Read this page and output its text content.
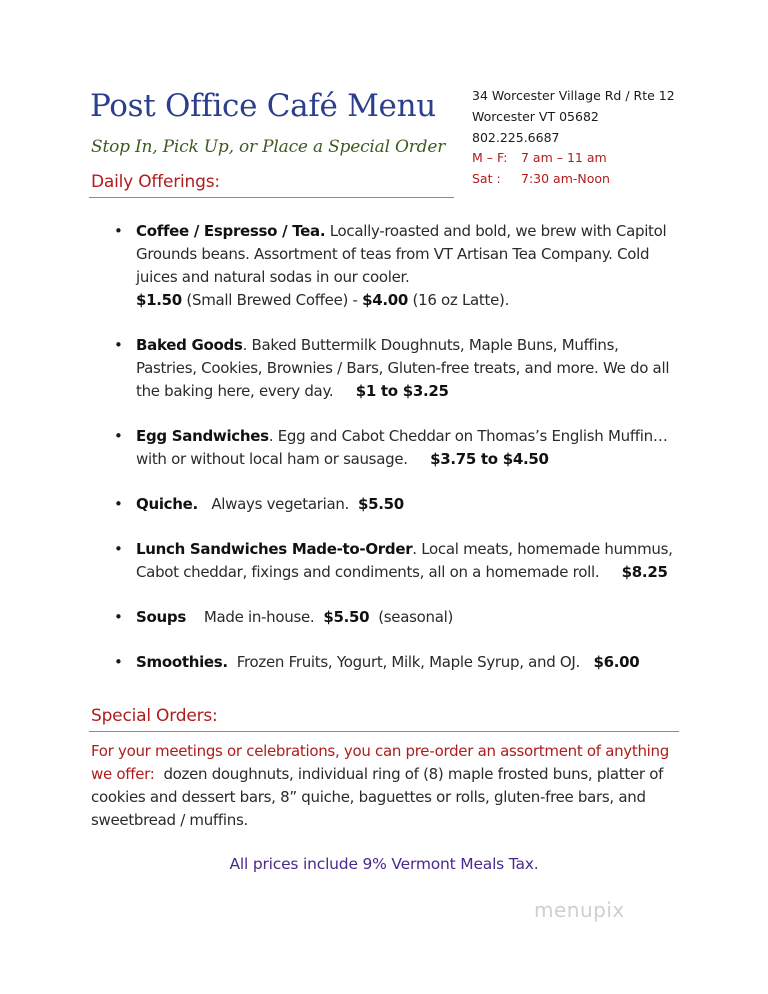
Post Office Café Menu
Stop In, Pick Up, or Place a Special Order
34 Worcester Village Rd / Rte 12
Worcester VT 05682
802.225.6687
M – F: 7 am – 11 am
Sat : 7:30 am-Noon
Daily Offerings:
• Coffee / Espresso / Tea. Locally-roasted and bold, we brew with Capitol Grounds beans. Assortment of teas from VT Artisan Tea Company. Cold juices and natural sodas in our cooler.
$1.50 (Small Brewed Coffee) - $4.00 (16 oz Latte).
• Baked Goods. Baked Buttermilk Doughnuts, Maple Buns, Muffins, Pastries, Cookies, Brownies / Bars, Gluten-free treats, and more. We do all the baking here, every day. $1 to $3.25
• Egg Sandwiches. Egg and Cabot Cheddar on Thomas’s English Muffin…with or without local ham or sausage. $3.75 to $4.50
• Quiche. Always vegetarian. $5.50
• Lunch Sandwiches Made-to-Order. Local meats, homemade hummus, Cabot cheddar, fixings and condiments, all on a homemade roll. $8.25
• Soups Made in-house. $5.50 (seasonal)
• Smoothies. Frozen Fruits, Yogurt, Milk, Maple Syrup, and OJ. $6.00
Special Orders:
For your meetings or celebrations, you can pre-order an assortment of anything we offer: dozen doughnuts, individual ring of (8) maple frosted buns, platter of cookies and dessert bars, 8” quiche, baguettes or rolls, gluten-free bars, and sweetbread / muffins.
All prices include 9% Vermont Meals Tax.
menupix
